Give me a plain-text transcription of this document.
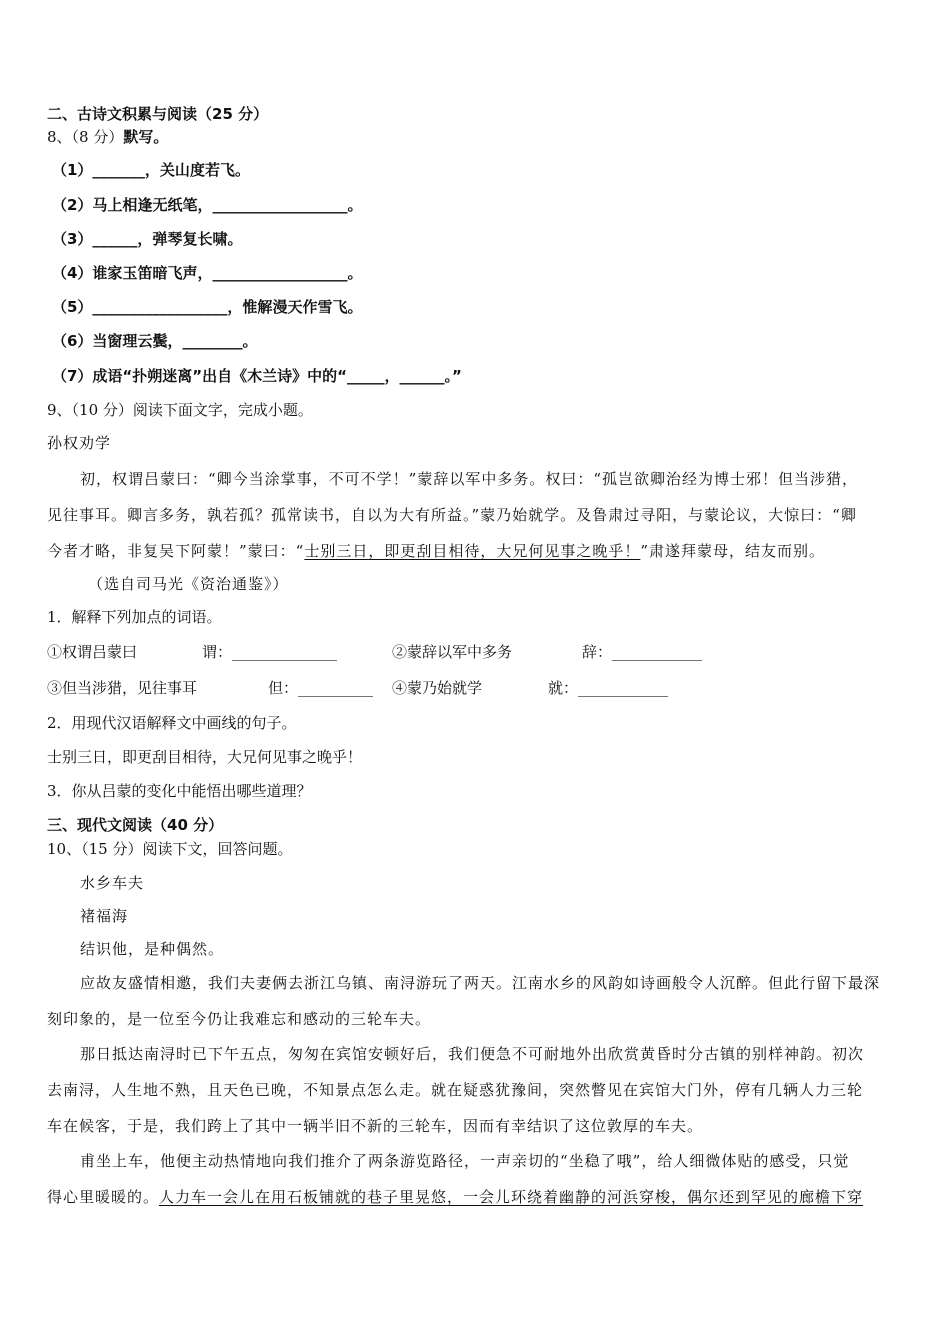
二、古诗文积累与阅读（25 分）
8、（8 分）默写。
（1）_______，关山度若飞。
（2）马上相逢无纸笔，__________________。
（3）______，弹琴复长啸。
（4）谁家玉笛暗飞声，__________________。
（5）__________________，惟解漫天作雪飞。
（6）当窗理云鬓，________。
（7）成语“扑朔迷离”出自《木兰诗》中的“_____，______。”
9、（10 分）阅读下面文字，完成小题。
孙权劝学
初，权谓吕蒙曰：“卿今当涂掌事，不可不学！”蒙辞以军中多务。权曰：“孤岂欲卿治经为博士邪！但当涉猎，
见往事耳。卿言多务，孰若孤？孤常读书，自以为大有所益。”蒙乃始就学。及鲁肃过寻阳，与蒙论议，大惊曰：“卿
今者才略，非复吴下阿蒙！”蒙曰：“士别三日，即更刮目相待，大兄何见事之晚乎！”肃遂拜蒙母，结友而别。
（选自司马光《资治通鉴》）
1．解释下列加点的词语。
①权谓吕蒙曰	谓：______________	②蒙辞以军中多务	辞：____________
③但当涉猎，见往事耳	但：__________ ④蒙乃始就学	就：____________
2．用现代汉语解释文中画线的句子。
士别三日，即更刮目相待，大兄何见事之晚乎！
3．你从吕蒙的变化中能悟出哪些道理？
三、现代文阅读（40 分）
10、（15 分）阅读下文，回答问题。
水乡车夫
褚福海
结识他，是种偶然。
应故友盛情相邀，我们夫妻俩去浙江乌镇、南浔游玩了两天。江南水乡的风韵如诗画般令人沉醉。但此行留下最深
刻印象的，是一位至今仍让我难忘和感动的三轮车夫。
那日抵达南浔时已下午五点，匆匆在宾馆安顿好后，我们便急不可耐地外出欣赏黄昏时分古镇的别样神韵。初次
去南浔，人生地不熟，且天色已晚，不知景点怎么走。就在疑惑犹豫间，突然瞥见在宾馆大门外，停有几辆人力三轮
车在候客，于是，我们跨上了其中一辆半旧不新的三轮车，因而有幸结识了这位敦厚的车夫。
甫坐上车，他便主动热情地向我们推介了两条游览路径，一声亲切的“坐稳了哦”，给人细微体贴的感受，只觉
得心里暖暖的。人力车一会儿在用石板铺就的巷子里晃悠，一会儿环绕着幽静的河浜穿梭，偶尔还到罕见的廊檐下穿
